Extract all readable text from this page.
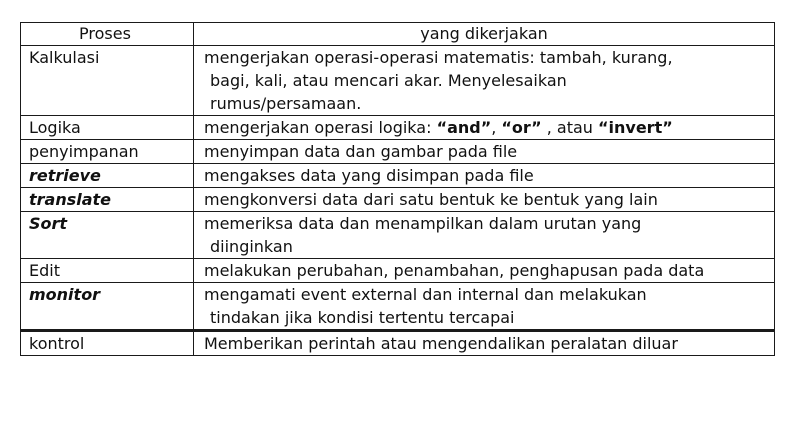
Proses	yang dikerjakan
Kalkulasi	mengerjakan operasi-operasi matematis: tambah, kurang,
bagi, kali, atau mencari akar. Menyelesaikan
rumus/persamaan.

Logika	mengerjakan operasi logika: “and”, “or” , atau “invert”
penyimpanan	menyimpan data dan gambar pada file
retrieve	mengakses data yang disimpan pada file
translate	mengkonversi data dari satu bentuk ke bentuk yang lain
Sort	memeriksa data dan menampilkan dalam urutan yang
diinginkan

Edit	melakukan perubahan, penambahan, penghapusan pada data
monitor	mengamati event external dan internal dan melakukan
tindakan jika kondisi tertentu tercapai

kontrol	Memberikan perintah atau mengendalikan peralatan diluar
